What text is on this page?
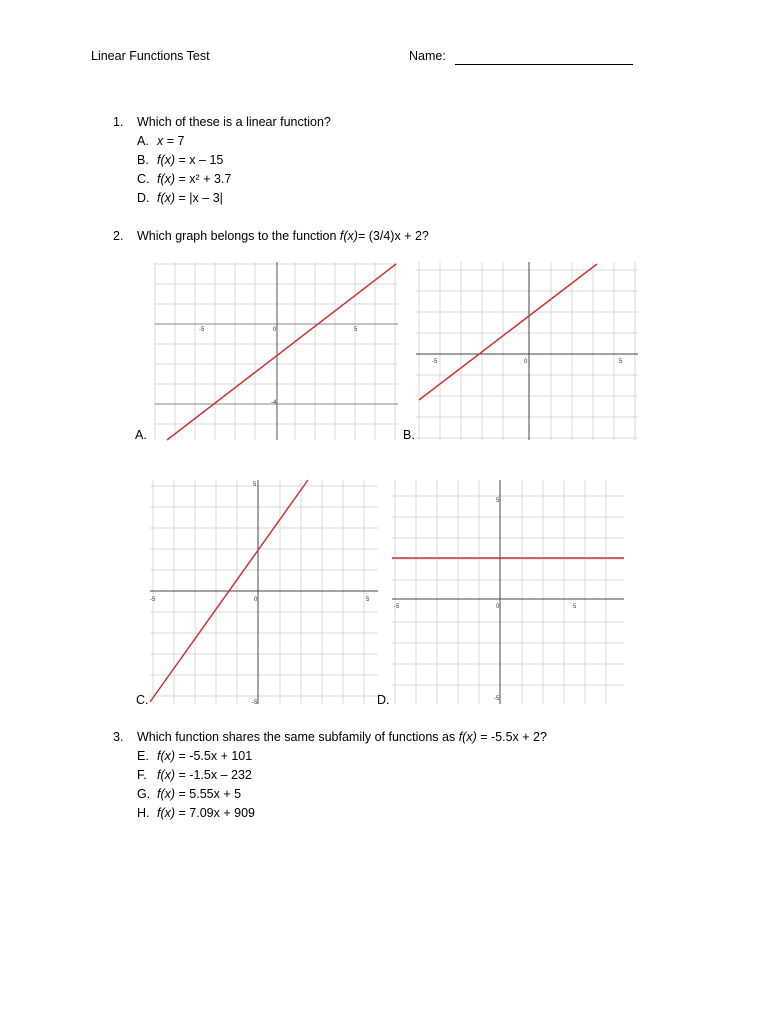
Linear Functions Test	Name:
1. Which of these is a linear function?
A. x = 7
B. f(x) = x – 15
C. f(x) = x² + 3.7
D. f(x) = |x – 3|
2. Which graph belongs to the function f(x)= (3/4)x + 2?
-5	0	5
-4
A.
-5	0	5
B.
5
-5	0	5
-5
C.
5
-5	0	5
-5
D.
3. Which function shares the same subfamily of functions as f(x) = -5.5x + 2?
E. f(x) = -5.5x + 101
F. f(x) = -1.5x – 232
G. f(x) = 5.55x + 5
H. f(x) = 7.09x + 909
